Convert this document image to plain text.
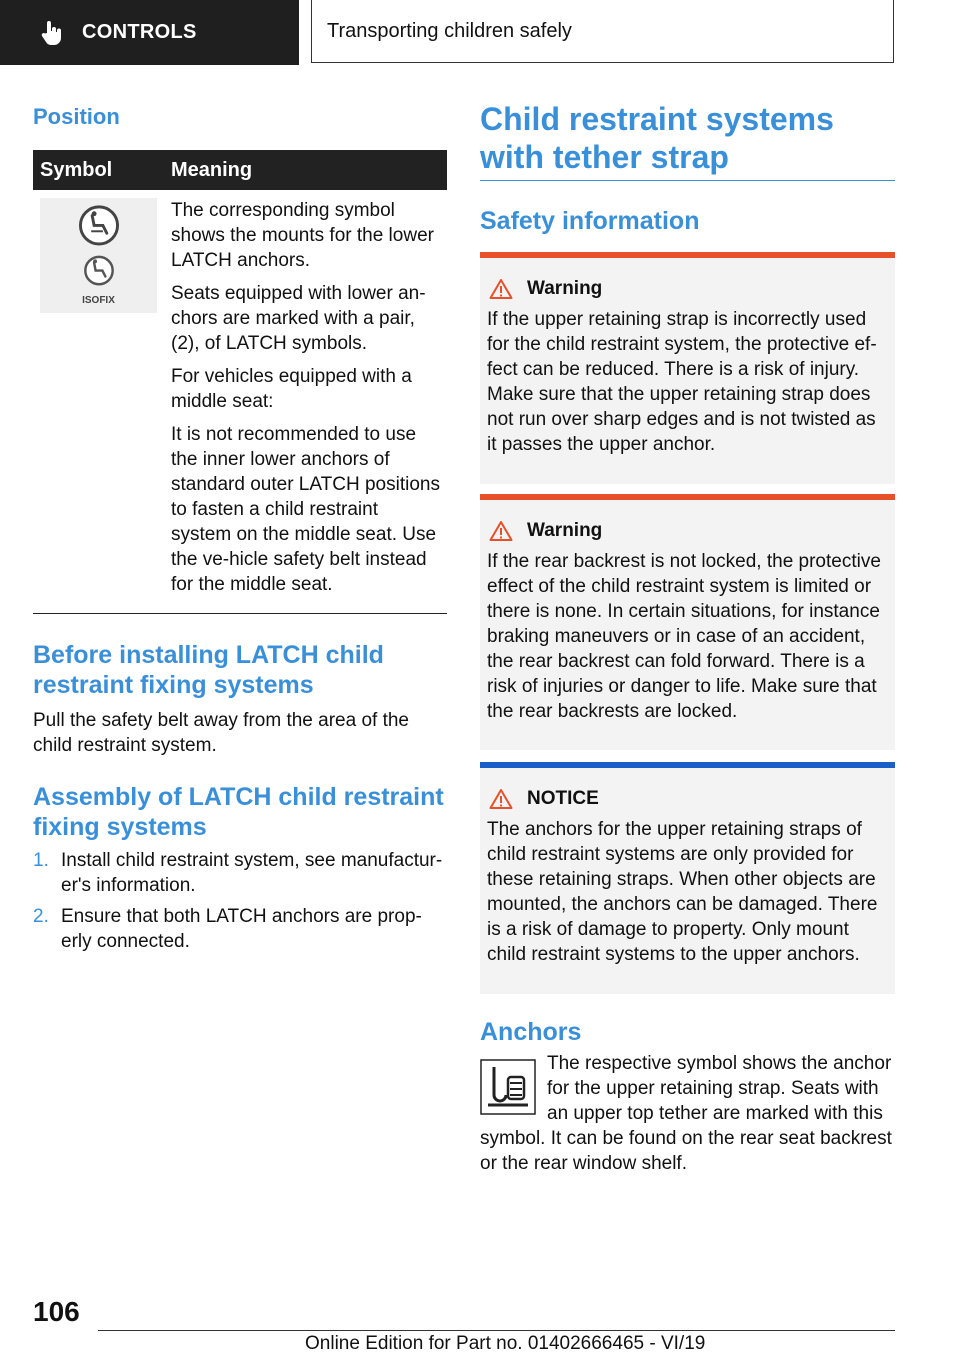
CONTROLS	Transporting children safely
Position
Symbol	Meaning

ISOFIX	The corresponding symbol shows the mounts for the lower LATCH anchors.

Seats equipped with lower an‐chors are marked with a pair, (2), of LATCH symbols.

For vehicles equipped with a middle seat:

It is not recommended to use the inner lower anchors of standard outer LATCH positions to fasten a child restraint system on the middle seat. Use the ve‐hicle safety belt instead for the middle seat.

Before installing LATCH child restraint fixing systems

Pull the safety belt away from the area of the child restraint system.

Assembly of LATCH child restraint fixing systems
1. Install child restraint system, see manufactur‐er's information.
2. Ensure that both LATCH anchors are prop‐erly connected.
Child restraint systems with tether strap
Safety information
Warning
If the upper retaining strap is incorrectly used for the child restraint system, the protective ef‐fect can be reduced. There is a risk of injury. Make sure that the upper retaining strap does not run over sharp edges and is not twisted as it passes the upper anchor.
Warning
If the rear backrest is not locked, the protective effect of the child restraint system is limited or there is none. In certain situations, for instance braking maneuvers or in case of an accident, the rear backrest can fold forward. There is a risk of injuries or danger to life. Make sure that the rear backrests are locked.
NOTICE
The anchors for the upper retaining straps of child restraint systems are only provided for these retaining straps. When other objects are mounted, the anchors can be damaged. There is a risk of damage to property. Only mount child restraint systems to the upper anchors.
Anchors

The respective symbol shows the anchor for the upper retaining strap. Seats with an upper top tether are marked with this

symbol. It can be found on the rear seat backrest or the rear window shelf.

106
Online Edition for Part no. 01402666465 - VI/19
